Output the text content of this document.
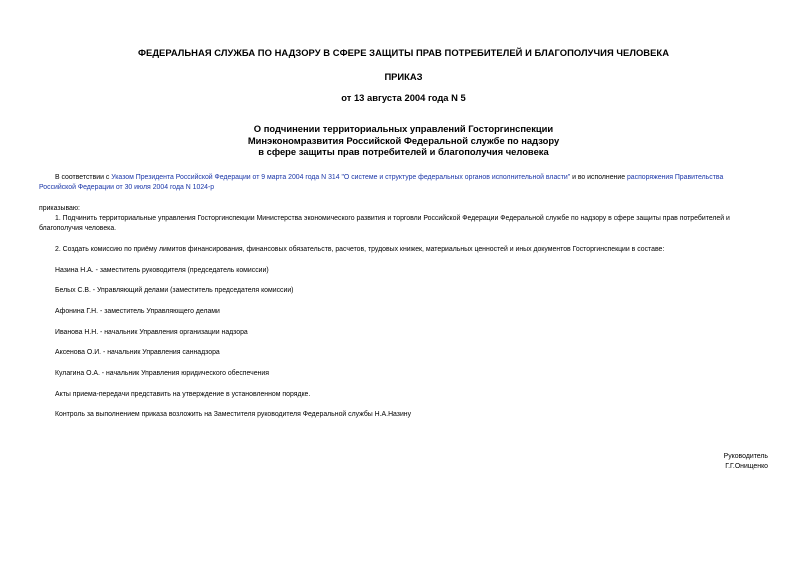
ФЕДЕРАЛЬНАЯ СЛУЖБА ПО НАДЗОРУ В СФЕРЕ ЗАЩИТЫ ПРАВ ПОТРЕБИТЕЛЕЙ И БЛАГОПОЛУЧИЯ ЧЕЛОВЕКА
ПРИКАЗ
от 13 августа 2004 года N 5
О подчинении территориальных управлений Госторгинспекции
Минэкономразвития Российской Федеральной службе по надзору
в сфере защиты прав потребителей и благополучия человека
В соответствии с Указом Президента Российской Федерации от 9 марта 2004 года N 314 "О системе и структуре федеральных органов исполнительной власти" и во исполнение распоряжения Правительства
Российской Федерации от 30 июля 2004 года N 1024-р
приказываю:
1. Подчинить территориальные управления Госторгинспекции Министерства экономического развития и торговли Российской Федерации Федеральной службе по надзору в сфере защиты прав потребителей и
благополучия человека.
2. Создать комиссию по приёму лимитов финансирования, финансовых обязательств, расчетов, трудовых книжек, материальных ценностей и иных документов Госторгинспекции в составе:
Назина Н.А. - заместитель руководителя (председатель комиссии)
Белых С.В. - Управляющий делами (заместитель председателя комиссии)
Афонина Г.Н. - заместитель Управляющего делами
Иванова Н.Н. - начальник Управления организации надзора
Аксенова О.И. - начальник Управления саннадзора
Кулагина О.А. - начальник Управления юридического обеспечения
Акты приема-передачи представить на утверждение в установленном порядке.
Контроль за выполнением приказа возложить на Заместителя руководителя Федеральной службы Н.А.Назину
Руководитель
Г.Г.Онищенко
